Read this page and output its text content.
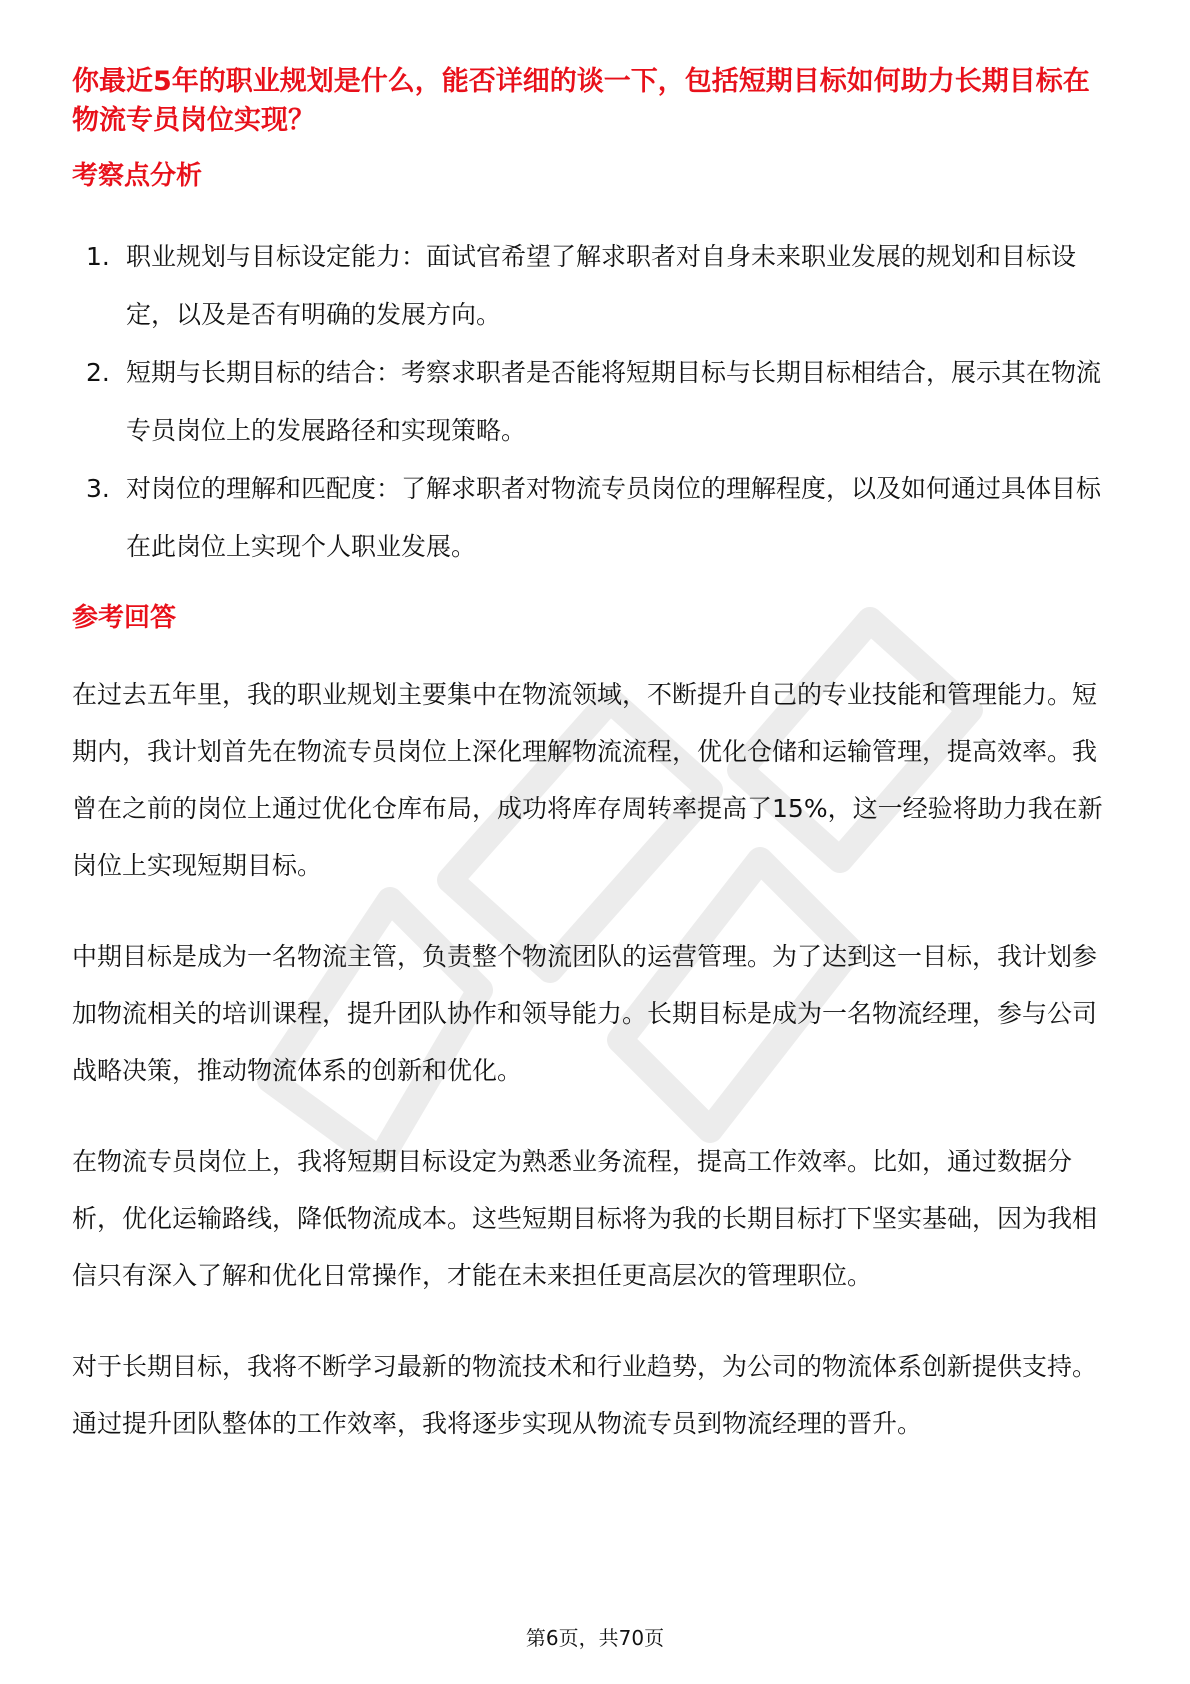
你最近5年的职业规划是什么，能否详细的谈一下，包括短期目标如何助力长期目标在物流专员岗位实现？

考察点分析
1. 职业规划与目标设定能力：面试官希望了解求职者对自身未来职业发展的规划和目标设定，以及是否有明确的发展方向。
2. 短期与长期目标的结合：考察求职者是否能将短期目标与长期目标相结合，展示其在物流专员岗位上的发展路径和实现策略。
3. 对岗位的理解和匹配度：了解求职者对物流专员岗位的理解程度，以及如何通过具体目标在此岗位上实现个人职业发展。
参考回答

在过去五年里，我的职业规划主要集中在物流领域，不断提升自己的专业技能和管理能力。短期内，我计划首先在物流专员岗位上深化理解物流流程，优化仓储和运输管理，提高效率。我曾在之前的岗位上通过优化仓库布局，成功将库存周转率提高了15%，这一经验将助力我在新岗位上实现短期目标。

中期目标是成为一名物流主管，负责整个物流团队的运营管理。为了达到这一目标，我计划参加物流相关的培训课程，提升团队协作和领导能力。长期目标是成为一名物流经理，参与公司战略决策，推动物流体系的创新和优化。

在物流专员岗位上，我将短期目标设定为熟悉业务流程，提高工作效率。比如，通过数据分析，优化运输路线，降低物流成本。这些短期目标将为我的长期目标打下坚实基础，因为我相信只有深入了解和优化日常操作，才能在未来担任更高层次的管理职位。

对于长期目标，我将不断学习最新的物流技术和行业趋势，为公司的物流体系创新提供支持。通过提升团队整体的工作效率，我将逐步实现从物流专员到物流经理的晋升。

第6页，共70页
